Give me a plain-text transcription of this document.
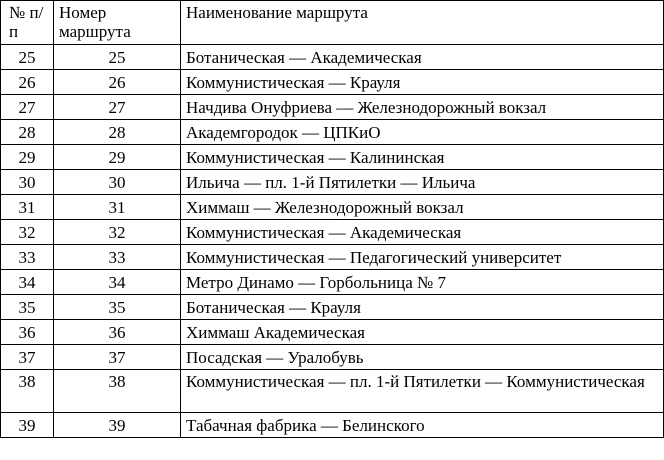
№ п/п	Номер маршрута	Наименование маршрута
25	25	Ботаническая — Академическая
26	26	Коммунистическая — Крауля
27	27	Начдива Онуфриева — Железнодорожный вокзал
28	28	Академгородок — ЦПКиО
29	29	Коммунистическая — Калининская
30	30	Ильича — пл. 1-й Пятилетки — Ильича
31	31	Химмаш — Железнодорожный вокзал
32	32	Коммунистическая — Академическая
33	33	Коммунистическая — Педагогический университет
34	34	Метро Динамо — Горбольница № 7
35	35	Ботаническая — Крауля
36	36	Химмаш Академическая
37	37	Посадская — Уралобувь
38	38	Коммунистическая — пл. 1-й Пятилетки — Коммунистическая
39	39	Табачная фабрика — Белинского
